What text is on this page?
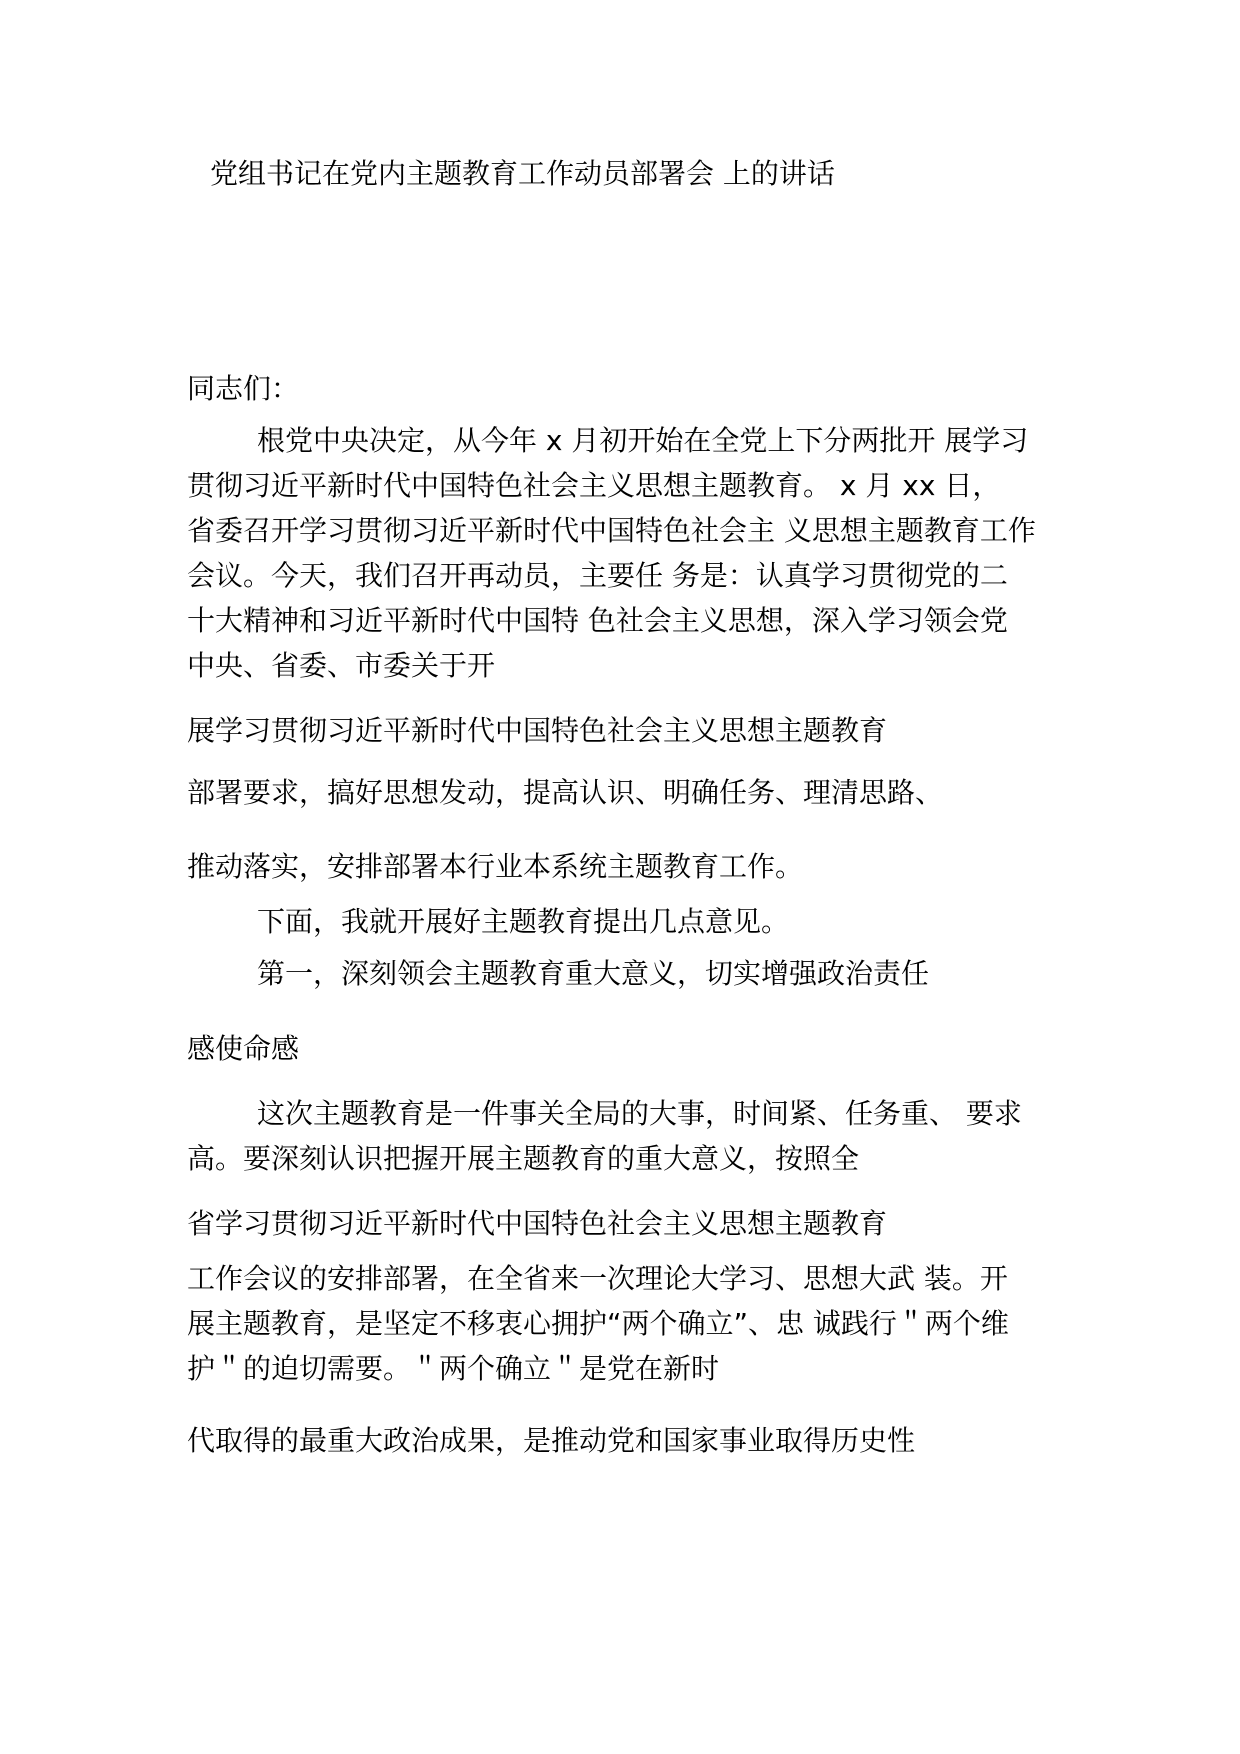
党组书记在党内主题教育工作动员部署会 上的讲话
同志们：
根党中央决定，从今年 x 月初开始在全党上下分两批开 展学习
贯彻习近平新时代中国特色社会主义思想主题教育。 x 月 xx 日，
省委召开学习贯彻习近平新时代中国特色社会主 义思想主题教育工作
会议。今天，我们召开再动员，主要任 务是：认真学习贯彻党的二
十大精神和习近平新时代中国特 色社会主义思想，深入学习领会党
中央、省委、市委关于开
展学习贯彻习近平新时代中国特色社会主义思想主题教育
部署要求，搞好思想发动，提高认识、明确任务、理清思路、
推动落实，安排部署本行业本系统主题教育工作。
下面，我就开展好主题教育提出几点意见。
第一，深刻领会主题教育重大意义，切实增强政治责任
感使命感
这次主题教育是一件事关全局的大事，时间紧、任务重、 要求
高。要深刻认识把握开展主题教育的重大意义，按照全
省学习贯彻习近平新时代中国特色社会主义思想主题教育
工作会议的安排部署，在全省来一次理论大学习、思想大武 装。开
展主题教育，是坚定不移衷心拥护“两个确立”、忠 诚践行＂两个维
护＂的迫切需要。＂两个确立＂是党在新时
代取得的最重大政治成果，是推动党和国家事业取得历史性
